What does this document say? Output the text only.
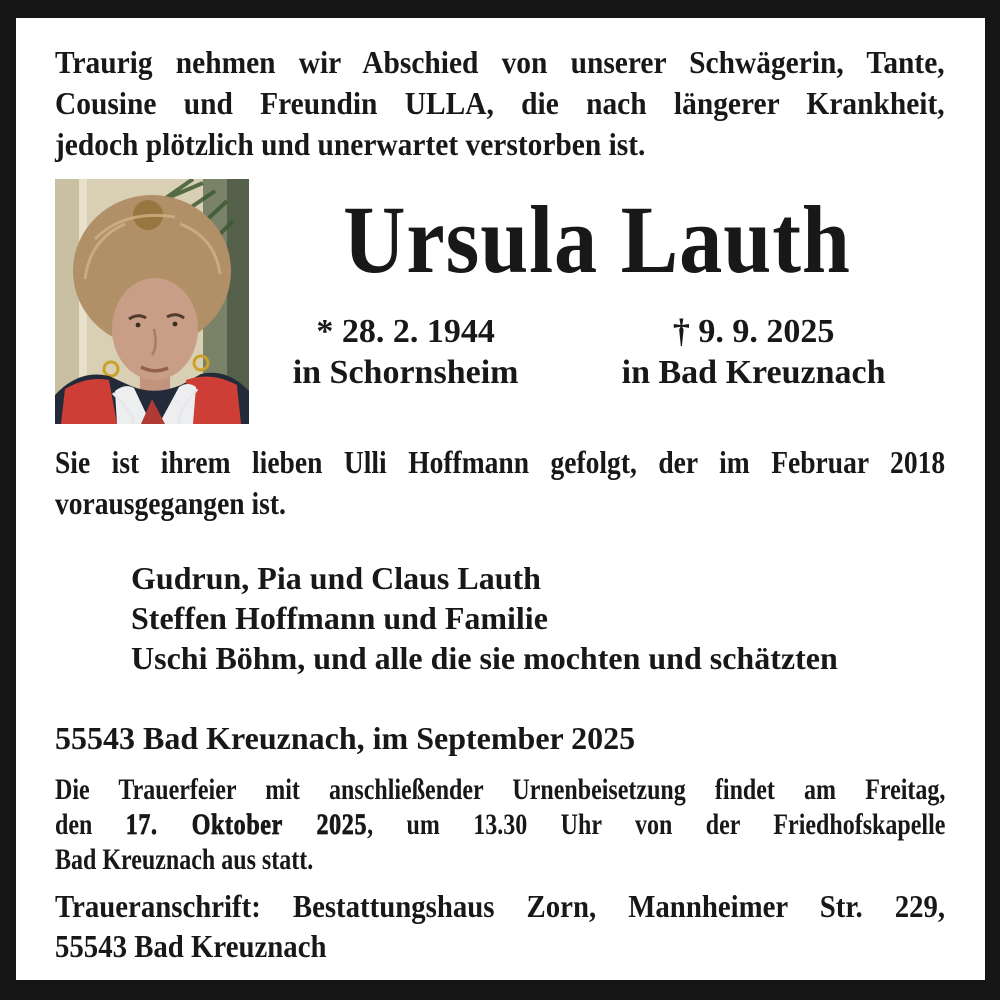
Traurig nehmen wir Abschied von unserer Schwägerin, Tante,
Cousine und Freundin ULLA, die nach längerer Krankheit,
jedoch plötzlich und unerwartet verstorben ist.
Ursula Lauth
* 28. 2. 1944
in Schornsheim
† 9. 9. 2025
in Bad Kreuznach
Sie ist ihrem lieben Ulli Hoffmann gefolgt, der im Februar 2018
vorausgegangen ist.
Gudrun, Pia und Claus Lauth
Steffen Hoffmann und Familie
Uschi Böhm, und alle die sie mochten und schätzten
55543 Bad Kreuznach, im September 2025
Die Trauerfeier mit anschließender Urnenbeisetzung findet am Freitag,
den 17. Oktober 2025, um 13.30 Uhr von der Friedhofskapelle
Bad Kreuznach aus statt.
Traueranschrift: Bestattungshaus Zorn, Mannheimer Str. 229,
55543 Bad Kreuznach
